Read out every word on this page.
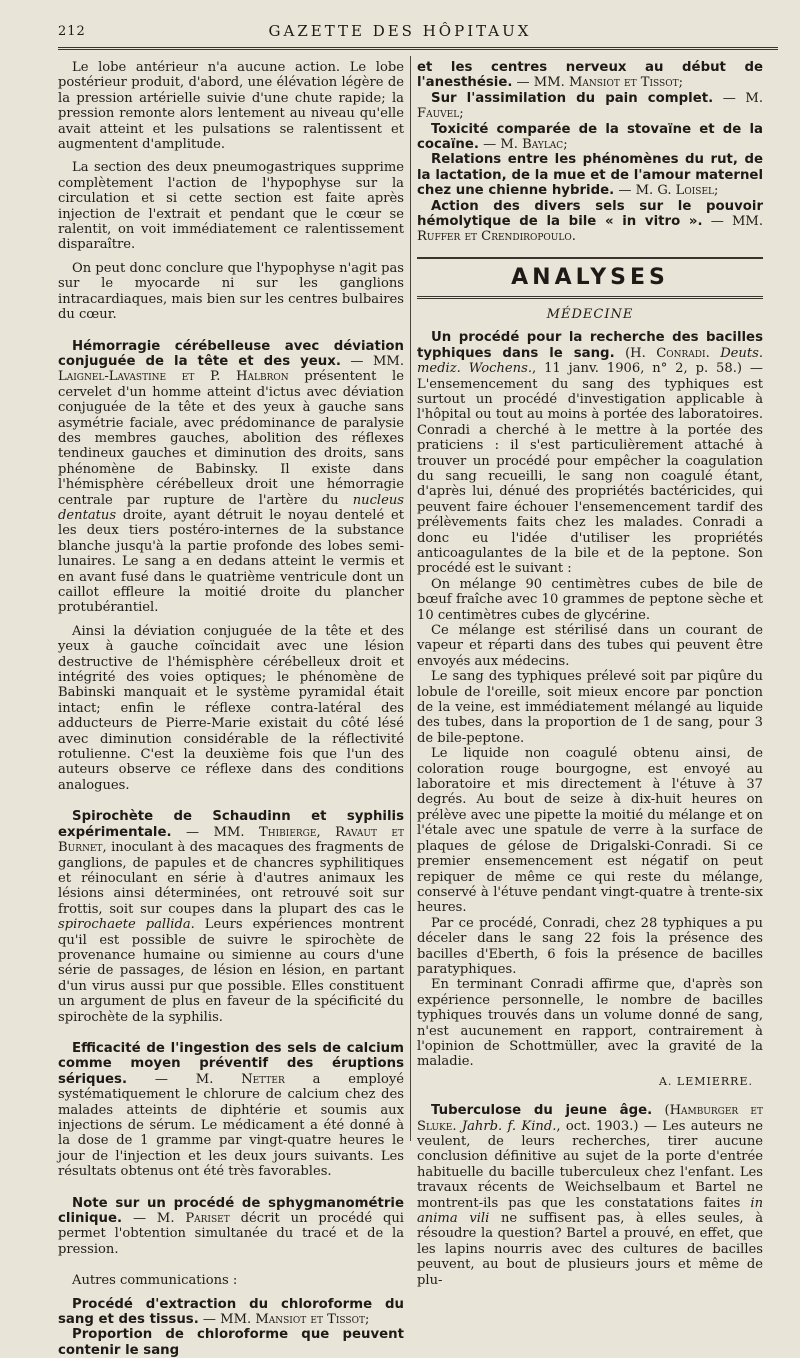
212	GAZETTE DES HÔPITAUX

Le lobe antérieur n'a aucune action. Le lobe postérieur produit, d'abord, une élévation légère de la pression artérielle suivie d'une chute rapide; la pression remonte alors lentement au niveau qu'elle avait atteint et les pulsations se ralentissent et augmentent d'amplitude.

La section des deux pneumogastriques supprime complètement l'action de l'hypophyse sur la circulation et si cette section est faite après injection de l'extrait et pendant que le cœur se ralentit, on voit immédiatement ce ralentissement disparaître.

On peut donc conclure que l'hypophyse n'agit pas sur le myocarde ni sur les ganglions intracardiaques, mais bien sur les centres bulbaires du cœur.

Hémorragie cérébelleuse avec déviation conjuguée de la tête et des yeux. — MM. Laignel-Lavastine et P. Halbron présentent le cervelet d'un homme atteint d'ictus avec déviation conjuguée de la tête et des yeux à gauche sans asymétrie faciale, avec prédominance de paralysie des membres gauches, abolition des réflexes tendineux gauches et diminution des droits, sans phénomène de Babinsky. Il existe dans l'hémisphère cérébelleux droit une hémorragie centrale par rupture de l'artère du nucleus dentatus droite, ayant détruit le noyau dentelé et les deux tiers postéro-internes de la substance blanche jusqu'à la partie profonde des lobes semi-lunaires. Le sang a en dedans atteint le vermis et en avant fusé dans le quatrième ventricule dont un caillot effleure la moitié droite du plancher protubérantiel.

Ainsi la déviation conjuguée de la tête et des yeux à gauche coïncidait avec une lésion destructive de l'hémisphère cérébelleux droit et intégrité des voies optiques; le phénomène de Babinski manquait et le système pyramidal était intact; enfin le réflexe contra-latéral des adducteurs de Pierre-Marie existait du côté lésé avec diminution considérable de la réflectivité rotulienne. C'est la deuxième fois que l'un des auteurs observe ce réflexe dans des conditions analogues.

Spirochète de Schaudinn et syphilis expérimentale. — MM. Thibierge, Ravaut et Burnet, inoculant à des macaques des fragments de ganglions, de papules et de chancres syphilitiques et réinoculant en série à d'autres animaux les lésions ainsi déterminées, ont retrouvé soit sur frottis, soit sur coupes dans la plupart des cas le spirochaete pallida. Leurs expériences montrent qu'il est possible de suivre le spirochète de provenance humaine ou simienne au cours d'une série de passages, de lésion en lésion, en partant d'un virus aussi pur que possible. Elles constituent un argument de plus en faveur de la spécificité du spirochète de la syphilis.

Efficacité de l'ingestion des sels de calcium comme moyen préventif des éruptions sériques. — M. Netter a employé systématiquement le chlorure de calcium chez des malades atteints de diphtérie et soumis aux injections de sérum. Le médicament a été donné à la dose de 1 gramme par vingt-quatre heures le jour de l'injection et les deux jours suivants. Les résultats obtenus ont été très favorables.

Note sur un procédé de sphygmanométrie clinique. — M. Pariset décrit un procédé qui permet l'obtention simultanée du tracé et de la pression.

Autres communications :

Procédé d'extraction du chloroforme du sang et des tissus. — MM. Mansiot et Tissot;

Proportion de chloroforme que peuvent contenir le sang

et les centres nerveux au début de l'anesthésie. — MM. Mansiot et Tissot;

Sur l'assimilation du pain complet. — M. Fauvel;

Toxicité comparée de la stovaïne et de la cocaïne. — M. Baylac;

Relations entre les phénomènes du rut, de la lactation, de la mue et de l'amour maternel chez une chienne hybride. — M. G. Loisel;

Action des divers sels sur le pouvoir hémolytique de la bile « in vitro ». — MM. Ruffer et Crendiropoulo.

ANALYSES
MÉDECINE

Un procédé pour la recherche des bacilles typhiques dans le sang. (H. Conradi. Deuts. mediz. Wochens., 11 janv. 1906, n° 2, p. 58.) — L'ensemencement du sang des typhiques est surtout un procédé d'investigation applicable à l'hôpital ou tout au moins à portée des laboratoires. Conradi a cherché à le mettre à la portée des praticiens : il s'est particulièrement attaché à trouver un procédé pour empêcher la coagulation du sang recueilli, le sang non coagulé étant, d'après lui, dénué des propriétés bactéricides, qui peuvent faire échouer l'ensemencement tardif des prélèvements faits chez les malades. Conradi a donc eu l'idée d'utiliser les propriétés anticoagulantes de la bile et de la peptone. Son procédé est le suivant :

On mélange 90 centimètres cubes de bile de bœuf fraîche avec 10 grammes de peptone sèche et 10 centimètres cubes de glycérine.

Ce mélange est stérilisé dans un courant de vapeur et réparti dans des tubes qui peuvent être envoyés aux médecins.

Le sang des typhiques prélevé soit par piqûre du lobule de l'oreille, soit mieux encore par ponction de la veine, est immédiatement mélangé au liquide des tubes, dans la proportion de 1 de sang, pour 3 de bile-peptone.

Le liquide non coagulé obtenu ainsi, de coloration rouge bourgogne, est envoyé au laboratoire et mis directement à l'étuve à 37 degrés. Au bout de seize à dix-huit heures on prélève avec une pipette la moitié du mélange et on l'étale avec une spatule de verre à la surface de plaques de gélose de Drigalski-Conradi. Si ce premier ensemencement est négatif on peut repiquer de même ce qui reste du mélange, conservé à l'étuve pendant vingt-quatre à trente-six heures.

Par ce procédé, Conradi, chez 28 typhiques a pu déceler dans le sang 22 fois la présence des bacilles d'Eberth, 6 fois la présence de bacilles paratyphiques.

En terminant Conradi affirme que, d'après son expérience personnelle, le nombre de bacilles typhiques trouvés dans un volume donné de sang, n'est aucunement en rapport, contrairement à l'opinion de Schottmüller, avec la gravité de la maladie.

A. LEMIERRE.

Tuberculose du jeune âge. (Hamburger et Sluke. Jahrb. f. Kind., oct. 1903.) — Les auteurs ne veulent, de leurs recherches, tirer aucune conclusion définitive au sujet de la porte d'entrée habituelle du bacille tuberculeux chez l'enfant. Les travaux récents de Weichselbaum et Bartel ne montrent-ils pas que les constatations faites in anima vili ne suffisent pas, à elles seules, à résoudre la question? Bartel a prouvé, en effet, que les lapins nourris avec des cultures de bacilles peuvent, au bout de plusieurs jours et même de plu-
